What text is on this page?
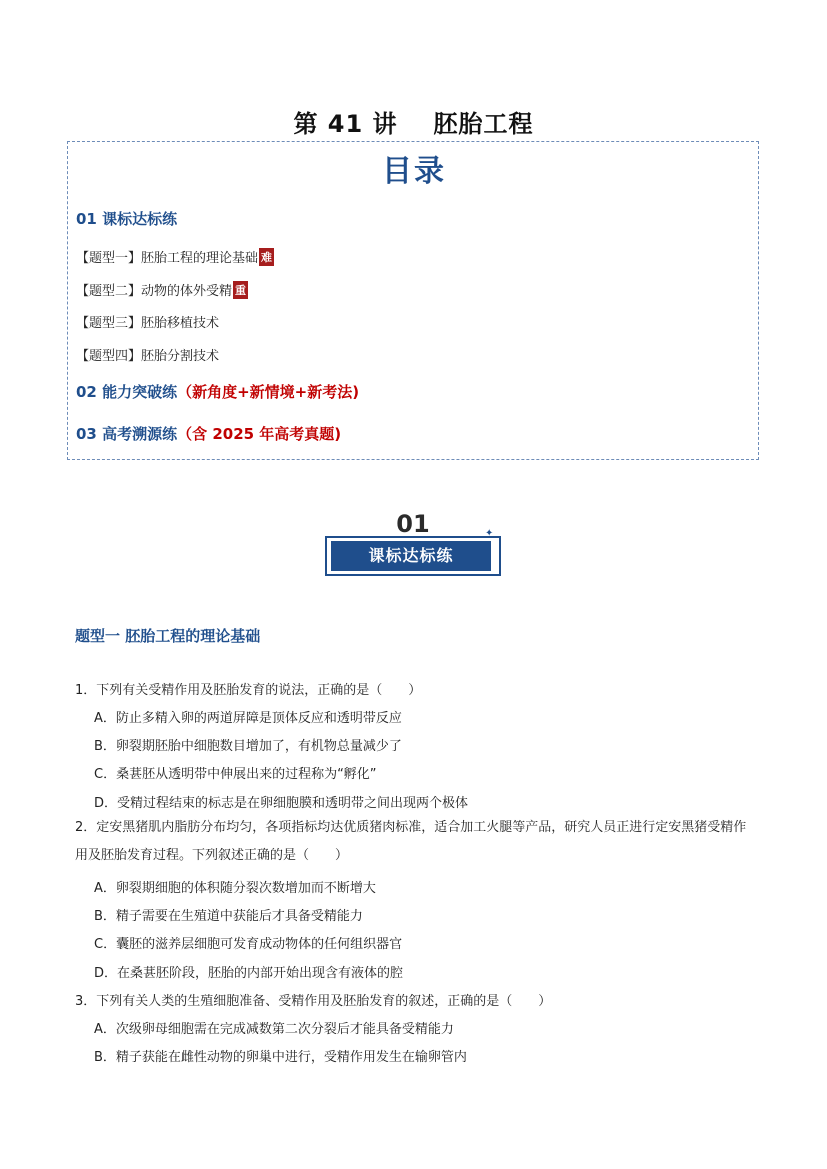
第 41 讲 胚胎工程
目录
01 课标达标练
【题型一】胚胎工程的理论基础 难
【题型二】动物的体外受精 重
【题型三】胚胎移植技术
【题型四】胚胎分割技术
02 能力突破练（新角度+新情境+新考法)
03 高考溯源练（含 2025 年高考真题)
01
课标达标练
✦
题型一 胚胎工程的理论基础
1．下列有关受精作用及胚胎发育的说法，正确的是（　　）
A．防止多精入卵的两道屏障是顶体反应和透明带反应
B．卵裂期胚胎中细胞数目增加了，有机物总量减少了
C．桑葚胚从透明带中伸展出来的过程称为“孵化”
D．受精过程结束的标志是在卵细胞膜和透明带之间出现两个极体
2．定安黑猪肌内脂肪分布均匀，各项指标均达优质猪肉标准，适合加工火腿等产品，研究人员正进行定安黑猪受精作用及胚胎发育过程。下列叙述正确的是（　　）
A．卵裂期细胞的体积随分裂次数增加而不断增大
B．精子需要在生殖道中获能后才具备受精能力
C．囊胚的滋养层细胞可发育成动物体的任何组织器官
D．在桑葚胚阶段，胚胎的内部开始出现含有液体的腔
3．下列有关人类的生殖细胞准备、受精作用及胚胎发育的叙述，正确的是（　　）
A．次级卵母细胞需在完成减数第二次分裂后才能具备受精能力
B．精子获能在雌性动物的卵巢中进行，受精作用发生在输卵管内
